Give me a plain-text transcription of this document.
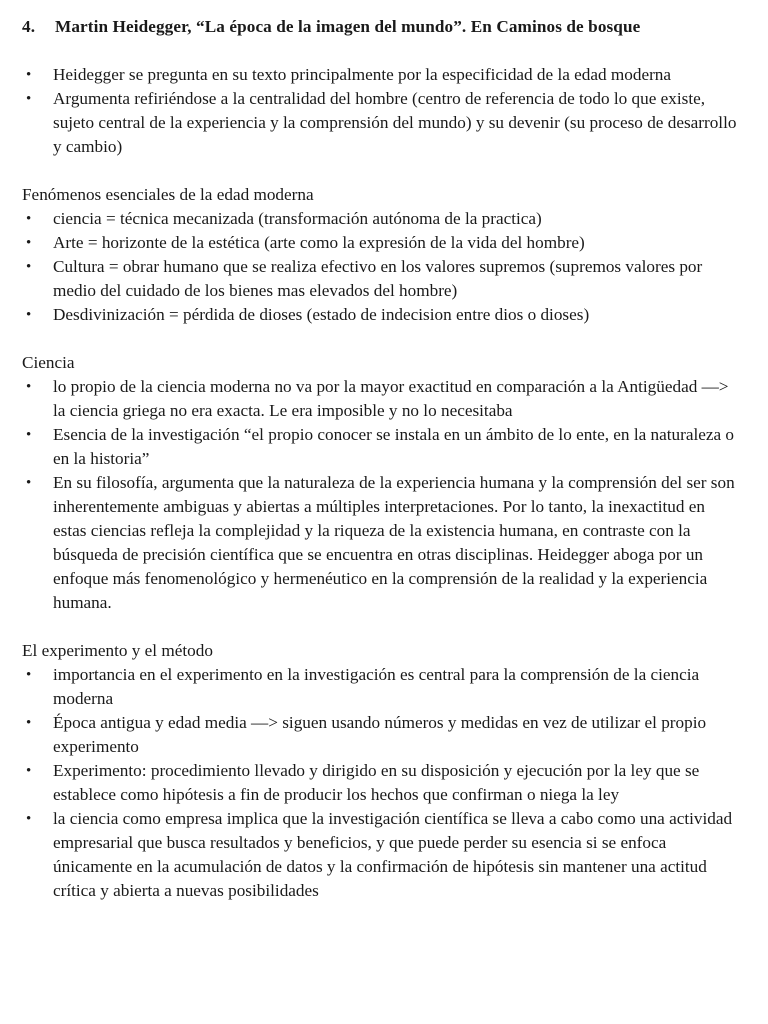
4.	Martin Heidegger, “La época de la imagen del mundo”. En Caminos de bosque
• Heidegger se pregunta en su texto principalmente por la especificidad de la edad moderna
• Argumenta refiriéndose a la centralidad del hombre (centro de referencia de todo lo que existe, sujeto central de la experiencia y la comprensión del mundo) y su devenir (su proceso de desarrollo y cambio)

Fenómenos esenciales de la edad moderna

• ciencia = técnica mecanizada (transformación autónoma de la practica)
• Arte = horizonte de la estética (arte como la expresión de la vida del hombre)
• Cultura = obrar humano que se realiza efectivo en los valores supremos (supremos valores por medio del cuidado de los bienes mas elevados del hombre)
• Desdivinización = pérdida de dioses (estado de indecision entre dios o dioses)

Ciencia

• lo propio de la ciencia moderna no va por la mayor exactitud en comparación a la Antigüedad —> la ciencia griega no era exacta. Le era imposible y no lo necesitaba
• Esencia de la investigación “el propio conocer se instala en un ámbito de lo ente, en la naturaleza o en la historia”
• En su filosofía, argumenta que la naturaleza de la experiencia humana y la comprensión del ser son inherentemente ambiguas y abiertas a múltiples interpretaciones. Por lo tanto, la inexactitud en estas ciencias refleja la complejidad y la riqueza de la existencia humana, en contraste con la búsqueda de precisión científica que se encuentra en otras disciplinas. Heidegger aboga por un enfoque más fenomenológico y hermenéutico en la comprensión de la realidad y la experiencia humana.

El experimento y el método

• importancia en el experimento en la investigación es central para la comprensión de la ciencia moderna
• Época antigua y edad media —> siguen usando números y medidas en vez de utilizar el propio experimento
• Experimento: procedimiento llevado y dirigido en su disposición y ejecución por la ley que se establece como hipótesis a fin de producir los hechos que confirman o niega la ley
• la ciencia como empresa implica que la investigación científica se lleva a cabo como una actividad empresarial que busca resultados y beneficios, y que puede perder su esencia si se enfoca únicamente en la acumulación de datos y la confirmación de hipótesis sin mantener una actitud crítica y abierta a nuevas posibilidades
